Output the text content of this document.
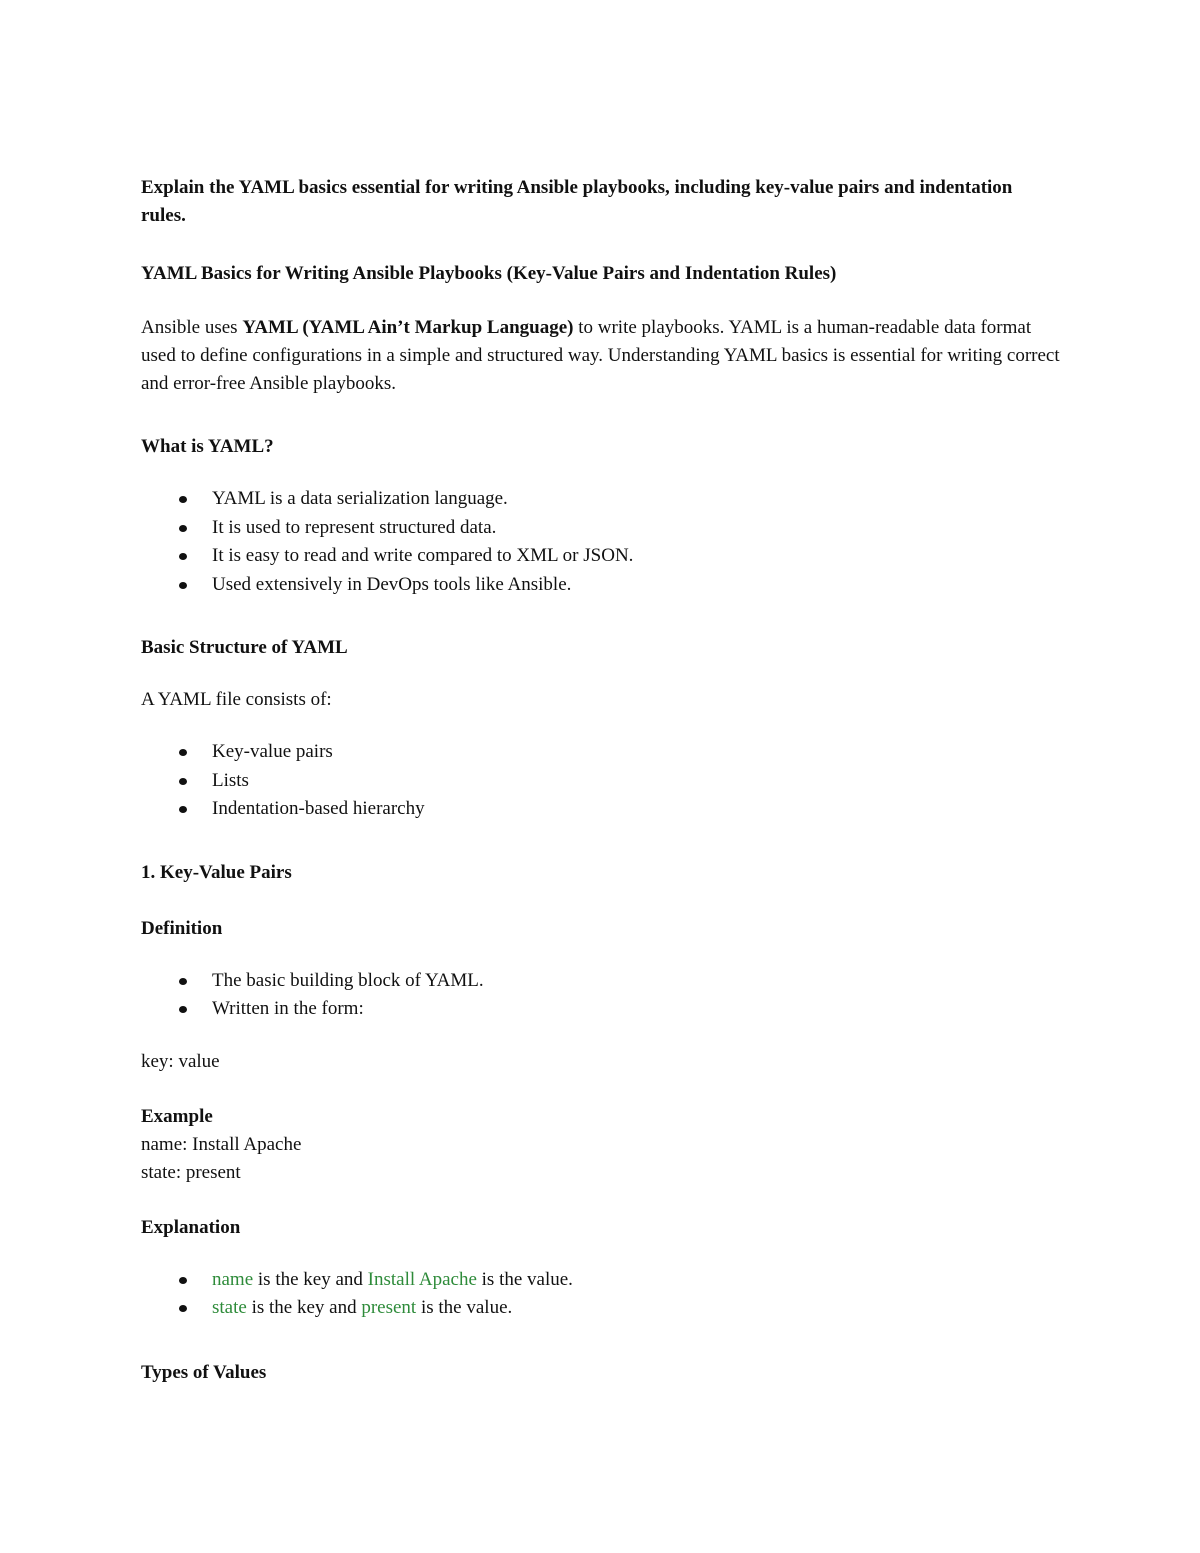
Explain the YAML basics essential for writing Ansible playbooks, including key-value pairs and indentation rules.

YAML Basics for Writing Ansible Playbooks (Key-Value Pairs and Indentation Rules)

Ansible uses YAML (YAML Ain’t Markup Language) to write playbooks. YAML is a human-readable data format used to define configurations in a simple and structured way. Understanding YAML basics is essential for writing correct and error-free Ansible playbooks.

What is YAML?
YAML is a data serialization language.
It is used to represent structured data.
It is easy to read and write compared to XML or JSON.
Used extensively in DevOps tools like Ansible.
Basic Structure of YAML

A YAML file consists of:

Key-value pairs
Lists
Indentation-based hierarchy
1. Key-Value Pairs
Definition
The basic building block of YAML.
Written in the form:

key: value

Example

name: Install Apache

state: present

Explanation
name is the key and Install Apache is the value.
state is the key and present is the value.
Types of Values
